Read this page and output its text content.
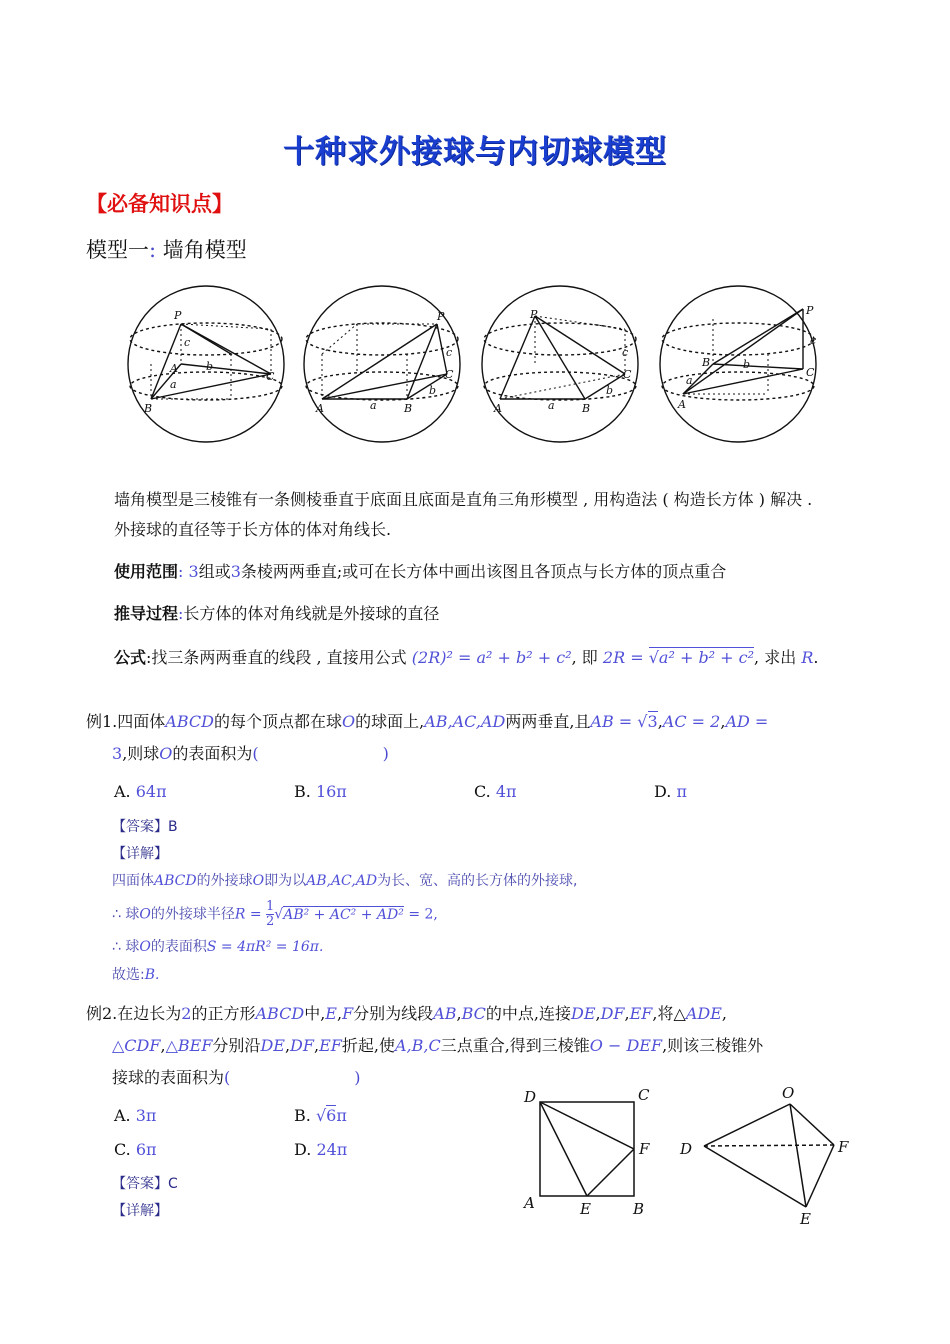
十种求外接球与内切球模型
【必备知识点】
模型一: 墙角模型
P
B
A
C
a
b
c
P
A	B
C
a
b
c
P
A	B
C
a
b
c
P
A
B
C
a
b
c
墙角模型是三棱锥有一条侧棱垂直于底面且底面是直角三角形模型 , 用构造法 ( 构造长方体 ) 解决 .
外接球的直径等于长方体的体对角线长.
使用范围: 3组或3条棱两两垂直;或可在长方体中画出该图且各顶点与长方体的顶点重合
推导过程:长方体的体对角线就是外接球的直径
公式:找三条两两垂直的线段 , 直接用公式 (2R)² = a² + b² + c², 即 2R = √a² + b² + c², 求出 R.
例1.四面体ABCD的每个顶点都在球O的球面上,AB,AC,AD两两垂直,且AB = √3,AC = 2,AD =
3,则球O的表面积为(	)
A. 64π	B. 16π	C. 4π	D. π
【答案】B
【详解】
四面体ABCD的外接球O即为以AB,AC,AD为长、宽、高的长方体的外接球,
∴ 球O的外接球半径$R = \frac{1}{2} √AB^2 + AC^2 + AD^2 = 2$,
∴ 球O的表面积S = 4πR² = 16π.
故选:B.
例2.在边长为2的正方形ABCD中,E,F分别为线段AB,BC的中点,连接DE,DF,EF,将△ADE,
△CDF,△BEF分别沿DE,DF,EF折起,使A,B,C三点重合,得到三棱锥O − DEF,则该三棱锥外
接球的表面积为(	)
A. 3π	B. √6π
C. 6π	D. 24π
【答案】C
【详解】
D	C
F
A	E	B
O
D	F
E
